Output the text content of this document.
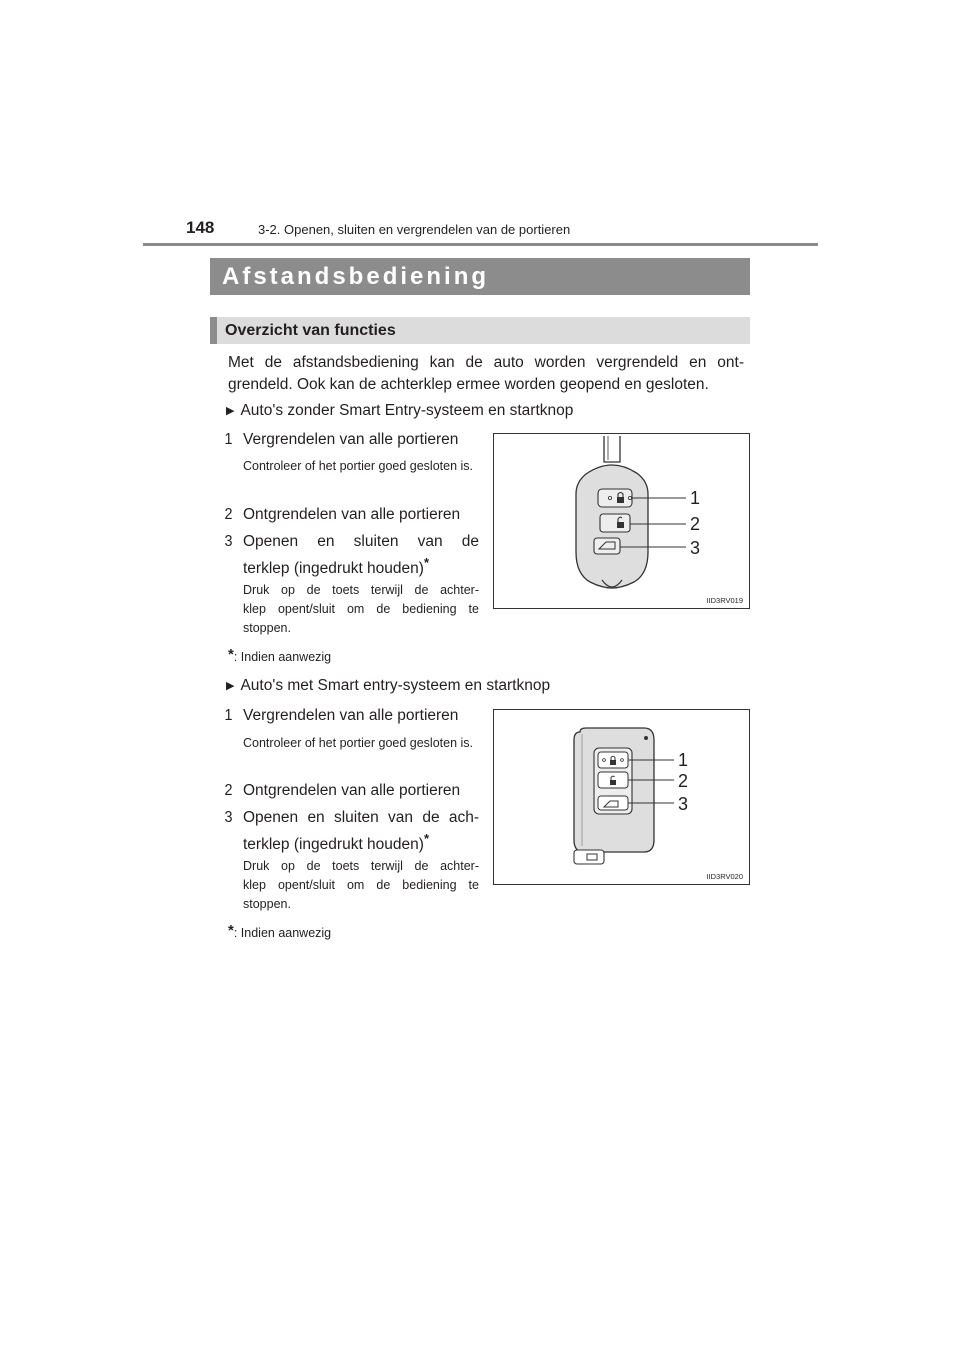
148	3-2. Openen, sluiten en vergrendelen van de portieren
Afstandsbediening
Overzicht van functies
Met de afstandsbediening kan de auto worden vergrendeld en ont-grendeld. Ook kan de achterklep ermee worden geopend en gesloten.
▶ Auto's zonder Smart Entry-systeem en startknop
1 Vergrendelen van alle portieren
Controleer of het portier goed gesloten is.
2 Ontgrendelen van alle portieren
3 Openen en sluiten van de
terklep (ingedrukt houden)*
Druk op de toets terwijl de achter-
klep opent/sluit om de bediening te
stoppen.
*: Indien aanwezig
1
2
3
IID3RV019
▶ Auto's met Smart entry-systeem en startknop
1 Vergrendelen van alle portieren
Controleer of het portier goed gesloten is.
2 Ontgrendelen van alle portieren
3 Openen en sluiten van de ach-
terklep (ingedrukt houden)*
Druk op de toets terwijl de achter-
klep opent/sluit om de bediening te
stoppen.
*: Indien aanwezig
1
2
3
IID3RV020
